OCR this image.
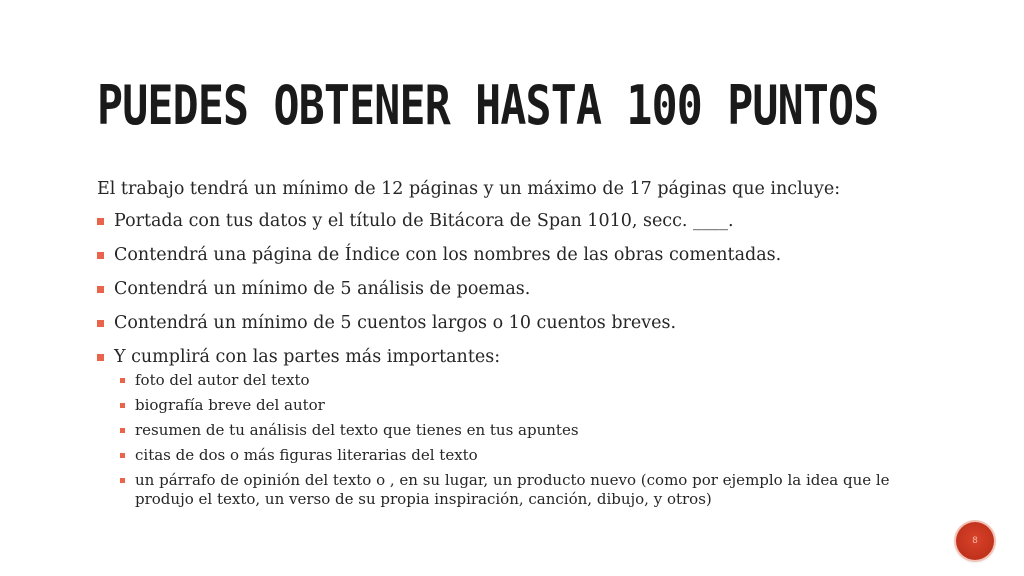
PUEDES OBTENER HASTA 100 PUNTOS

El trabajo tendrá un mínimo de 12 páginas y un máximo de 17 páginas que incluye:

Portada con tus datos y el título de Bitácora de Span 1010, secc. ____.
Contendrá una página de Índice con los nombres de las obras comentadas.
Contendrá un mínimo de 5 análisis de poemas.
Contendrá un mínimo de 5 cuentos largos o 10 cuentos breves.
Y cumplirá con las partes más importantes:
foto del autor del texto
biografía breve del autor
resumen de tu análisis del texto que tienes en tus apuntes
citas de dos o más figuras literarias del texto
un párrafo de opinión del texto o , en su lugar, un producto nuevo (como por ejemplo la idea que le produjo el texto, un verso de su propia inspiración, canción, dibujo, y otros)
8
